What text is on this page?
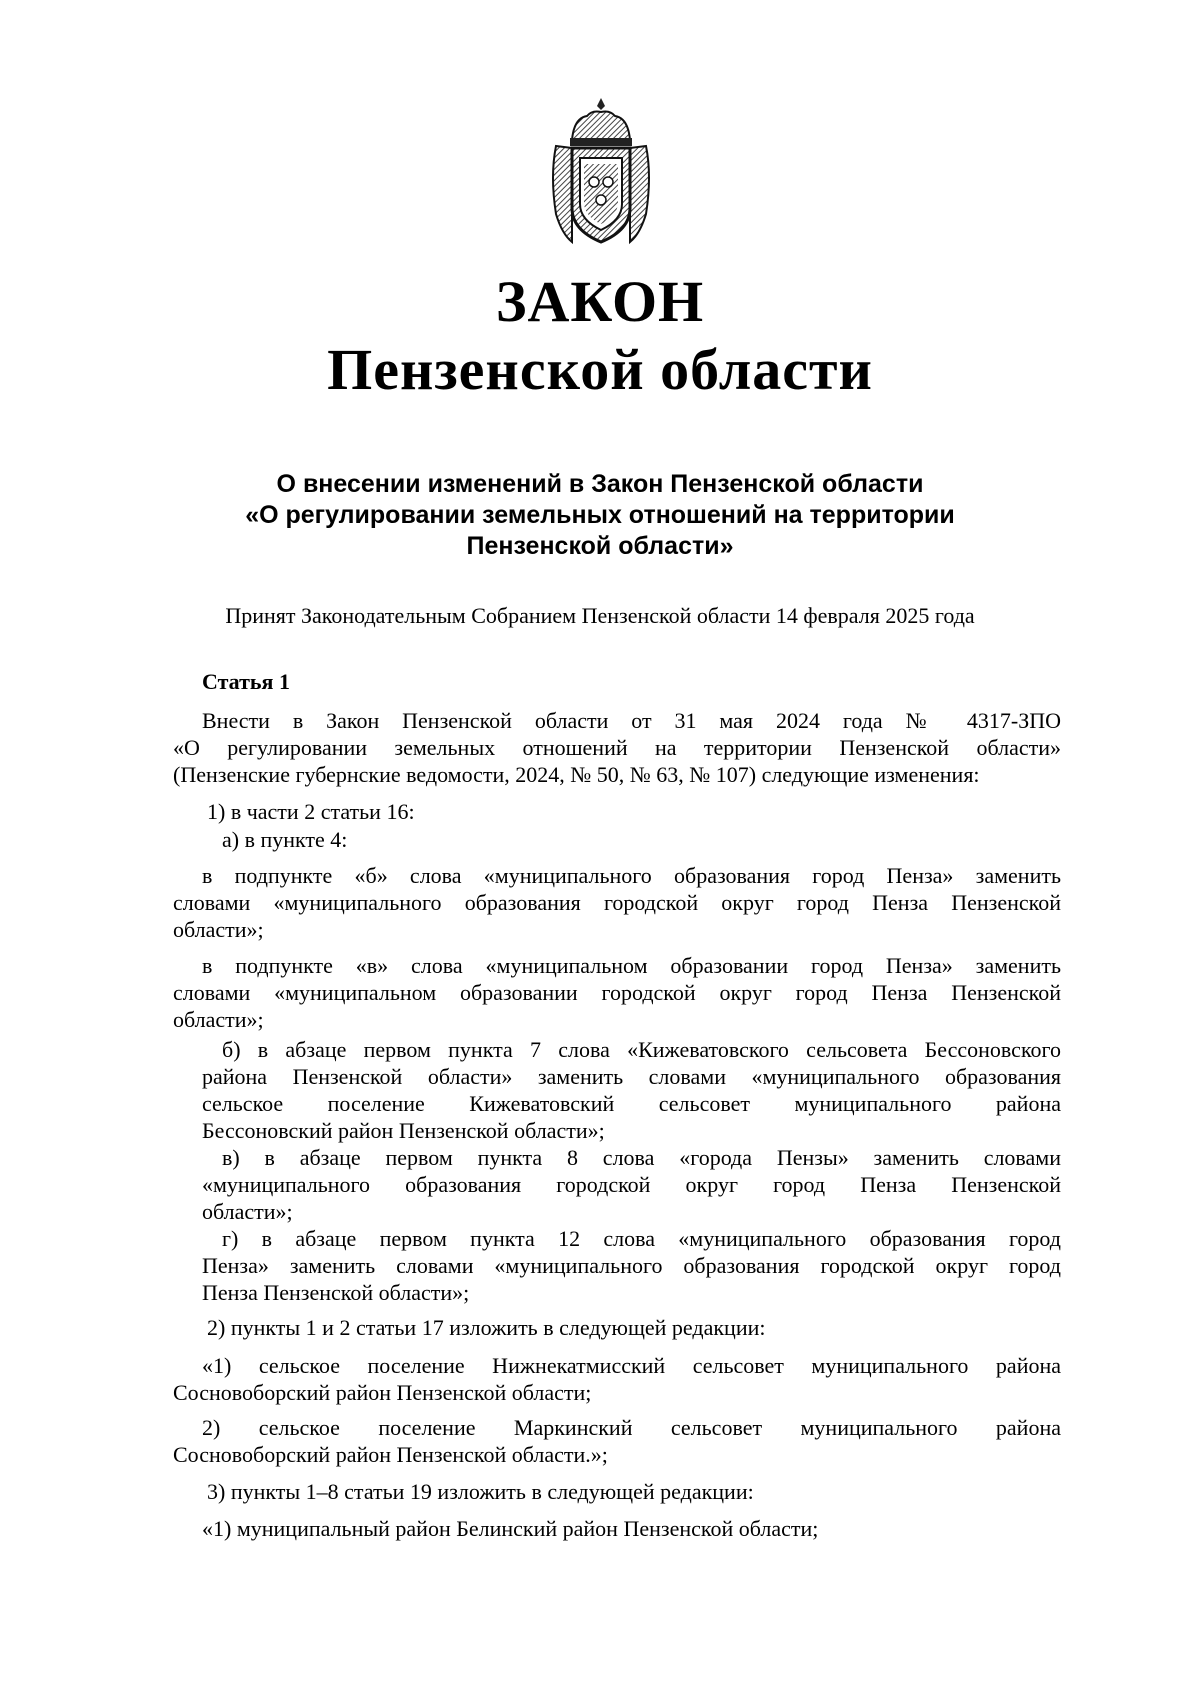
ЗАКОН
Пензенской области
О внесении изменений в Закон Пензенской области
«О регулировании земельных отношений на территории
Пензенской области»
Принят Законодательным Собранием Пензенской области 14 февраля 2025 года
Статья 1
Внести в Закон Пензенской области от 31 мая 2024 года № 4317-ЗПО
«О регулировании земельных отношений на территории Пензенской области»
(Пензенские губернские ведомости, 2024, № 50, № 63, № 107) следующие изменения:
1) в части 2 статьи 16:
а) в пункте 4:
в подпункте «б» слова «муниципального образования город Пенза» заменить
словами «муниципального образования городской округ город Пенза Пензенской
области»;
в подпункте «в» слова «муниципальном образовании город Пенза» заменить
словами «муниципальном образовании городской округ город Пенза Пензенской
области»;
б) в абзаце первом пункта 7 слова «Кижеватовского сельсовета Бессоновского
района Пензенской области» заменить словами «муниципального образования
сельское поселение Кижеватовский сельсовет муниципального района
Бессоновский район Пензенской области»;
в) в абзаце первом пункта 8 слова «города Пензы» заменить словами
«муниципального образования городской округ город Пенза Пензенской
области»;
г) в абзаце первом пункта 12 слова «муниципального образования город
Пенза» заменить словами «муниципального образования городской округ город
Пенза Пензенской области»;
2) пункты 1 и 2 статьи 17 изложить в следующей редакции:
«1) сельское поселение Нижнекатмисский сельсовет муниципального района
Сосновоборский район Пензенской области;
2) сельское поселение Маркинский сельсовет муниципального района
Сосновоборский район Пензенской области.»;
3) пункты 1–8 статьи 19 изложить в следующей редакции:
«1) муниципальный район Белинский район Пензенской области;
